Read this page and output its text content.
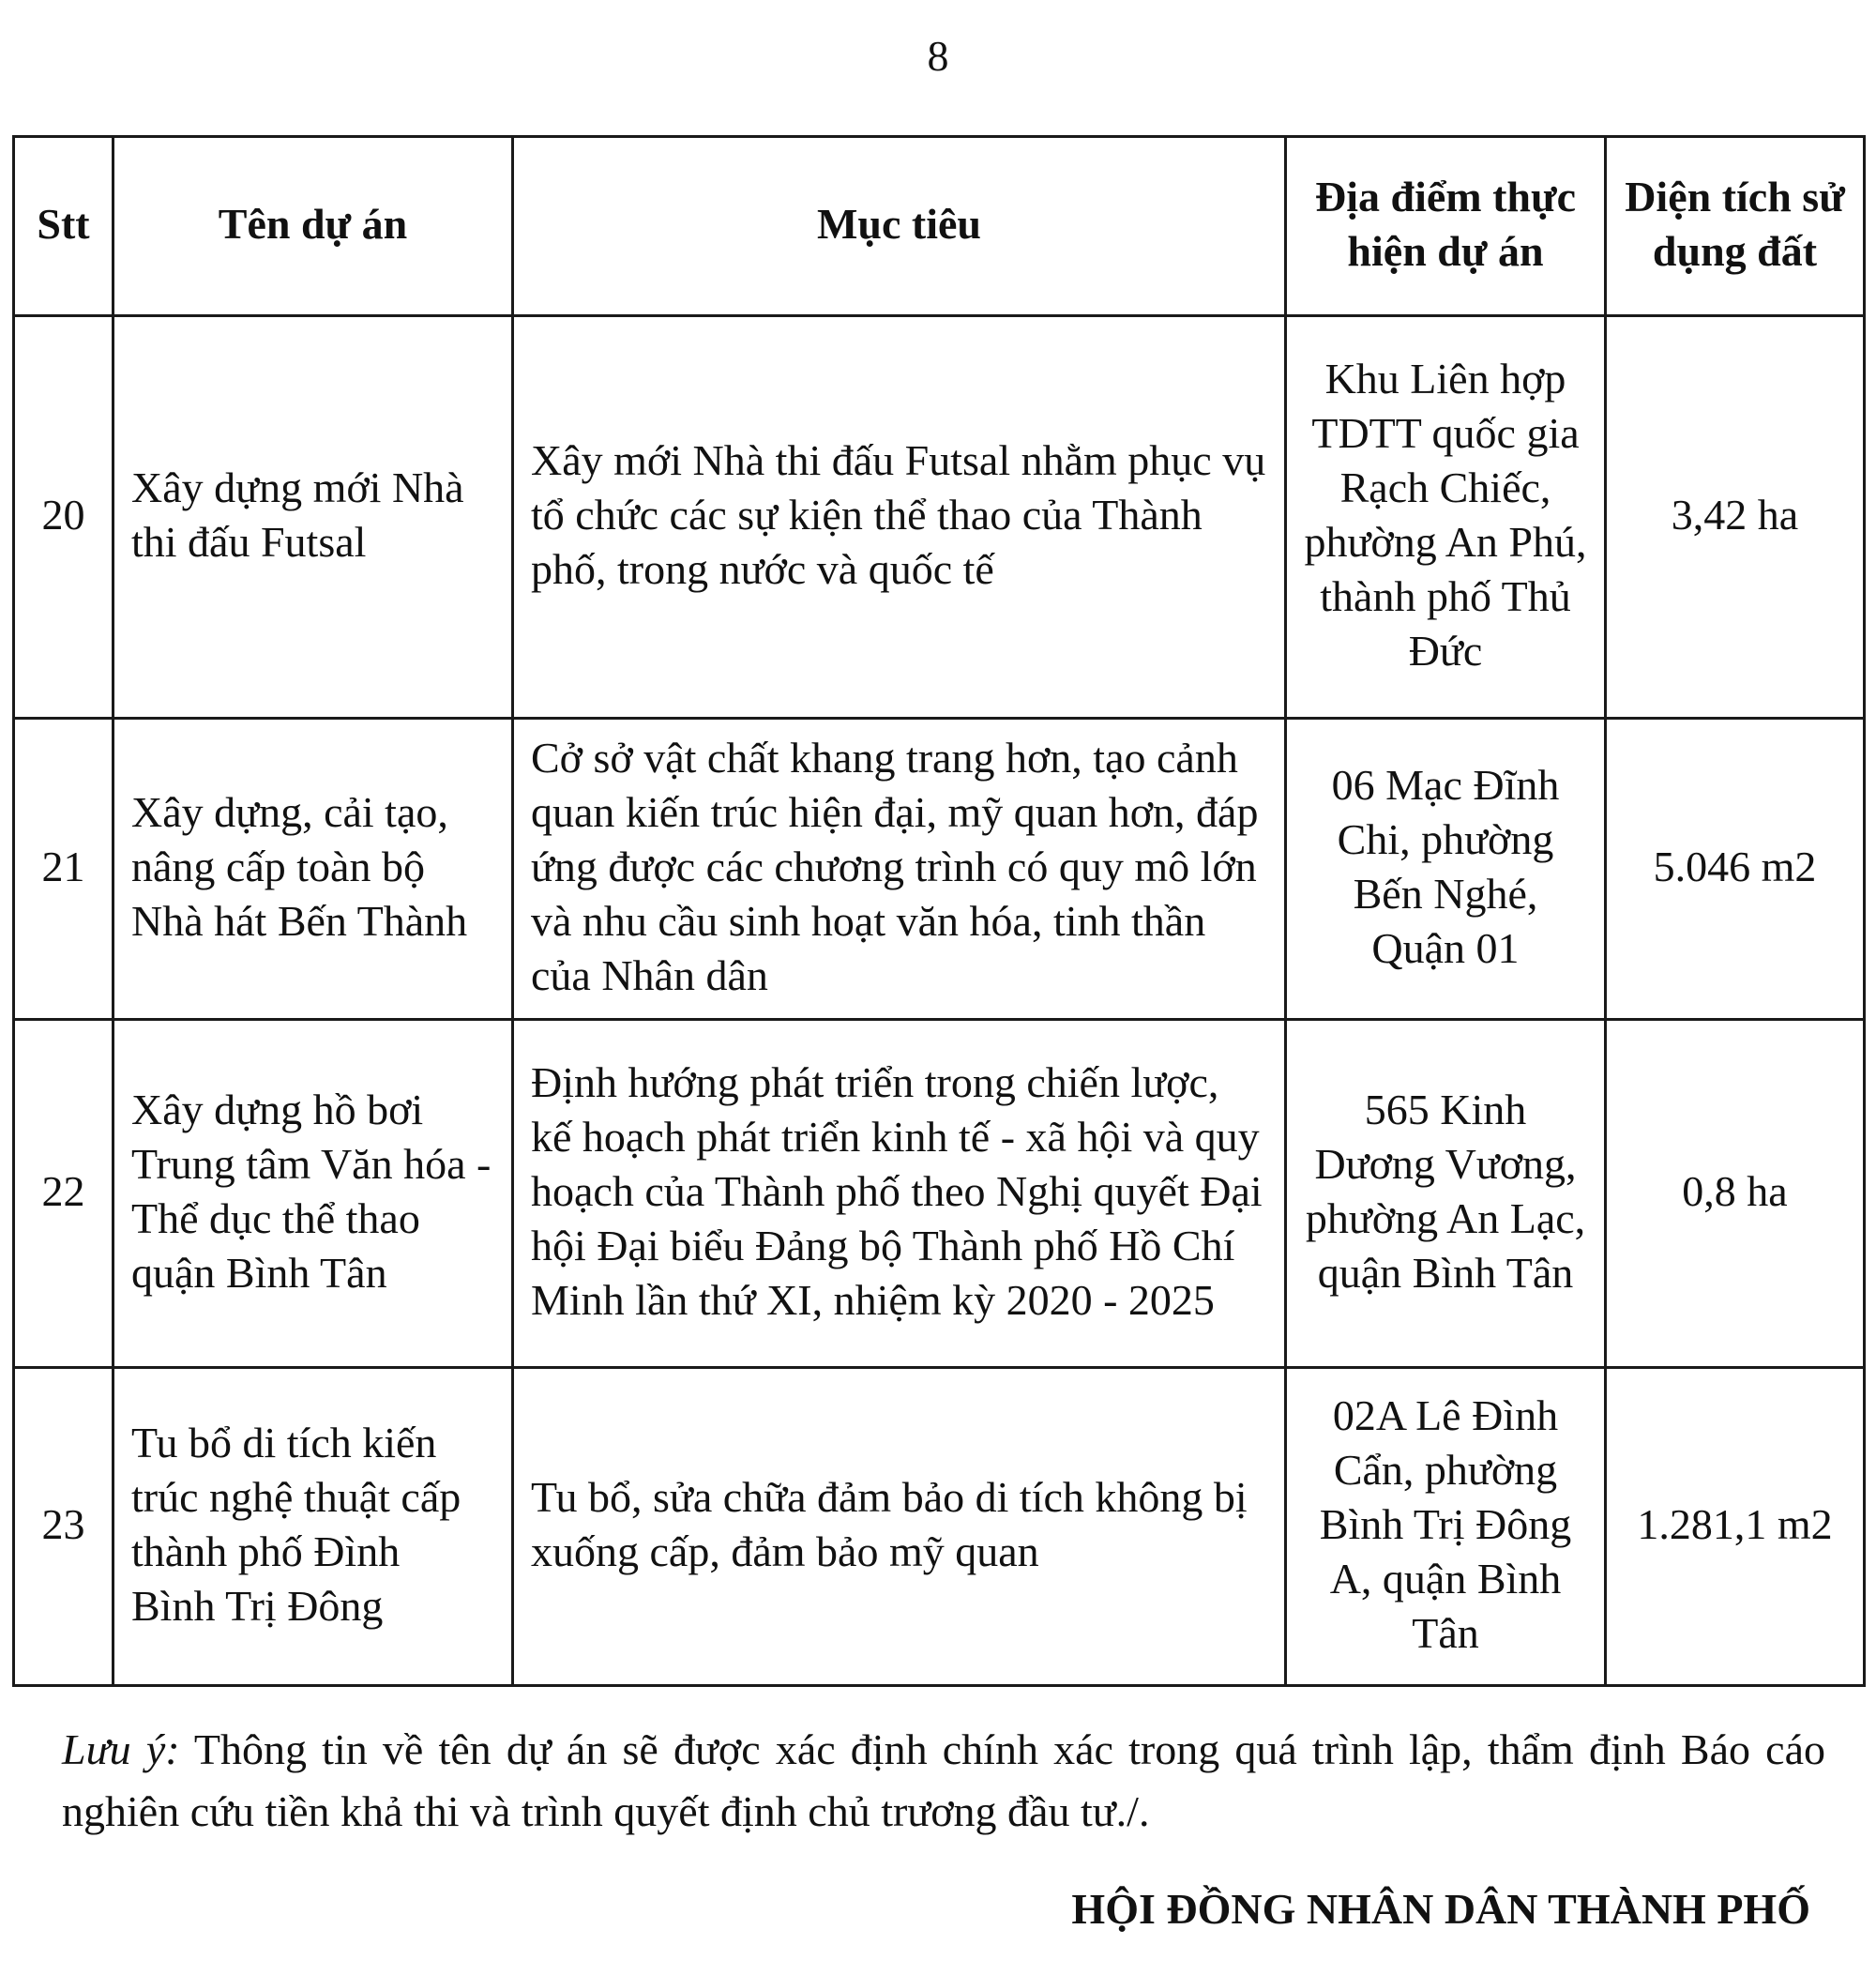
8
Stt	Tên dự án	Mục tiêu	Địa điểm thực hiện dự án	Diện tích sử dụng đất
20	Xây dựng mới Nhà thi đấu Futsal	Xây mới Nhà thi đấu Futsal nhằm phục vụ tổ chức các sự kiện thể thao của Thành phố, trong nước và quốc tế	Khu Liên hợp TDTT quốc gia Rạch Chiếc, phường An Phú, thành phố Thủ Đức	3,42 ha
21	Xây dựng, cải tạo, nâng cấp toàn bộ Nhà hát Bến Thành	Cở sở vật chất khang trang hơn, tạo cảnh quan kiến trúc hiện đại, mỹ quan hơn, đáp ứng được các chương trình có quy mô lớn và nhu cầu sinh hoạt văn hóa, tinh thần của Nhân dân	06 Mạc Đĩnh Chi, phường Bến Nghé, Quận 01	5.046 m2
22	Xây dựng hồ bơi Trung tâm Văn hóa - Thể dục thể thao quận Bình Tân	Định hướng phát triển trong chiến lược, kế hoạch phát triển kinh tế - xã hội và quy hoạch của Thành phố theo Nghị quyết Đại hội Đại biểu Đảng bộ Thành phố Hồ Chí Minh lần thứ XI, nhiệm kỳ 2020 - 2025	565 Kinh Dương Vương, phường An Lạc, quận Bình Tân	0,8 ha
23	Tu bổ di tích kiến trúc nghệ thuật cấp thành phố Đình Bình Trị Đông	Tu bổ, sửa chữa đảm bảo di tích không bị xuống cấp, đảm bảo mỹ quan	02A Lê Đình Cẩn, phường Bình Trị Đông A, quận Bình Tân	1.281,1 m2
Lưu ý: Thông tin về tên dự án sẽ được xác định chính xác trong quá trình lập, thẩm định Báo cáo nghiên cứu tiền khả thi và trình quyết định chủ trương đầu tư./.
HỘI ĐỒNG NHÂN DÂN THÀNH PHỐ
